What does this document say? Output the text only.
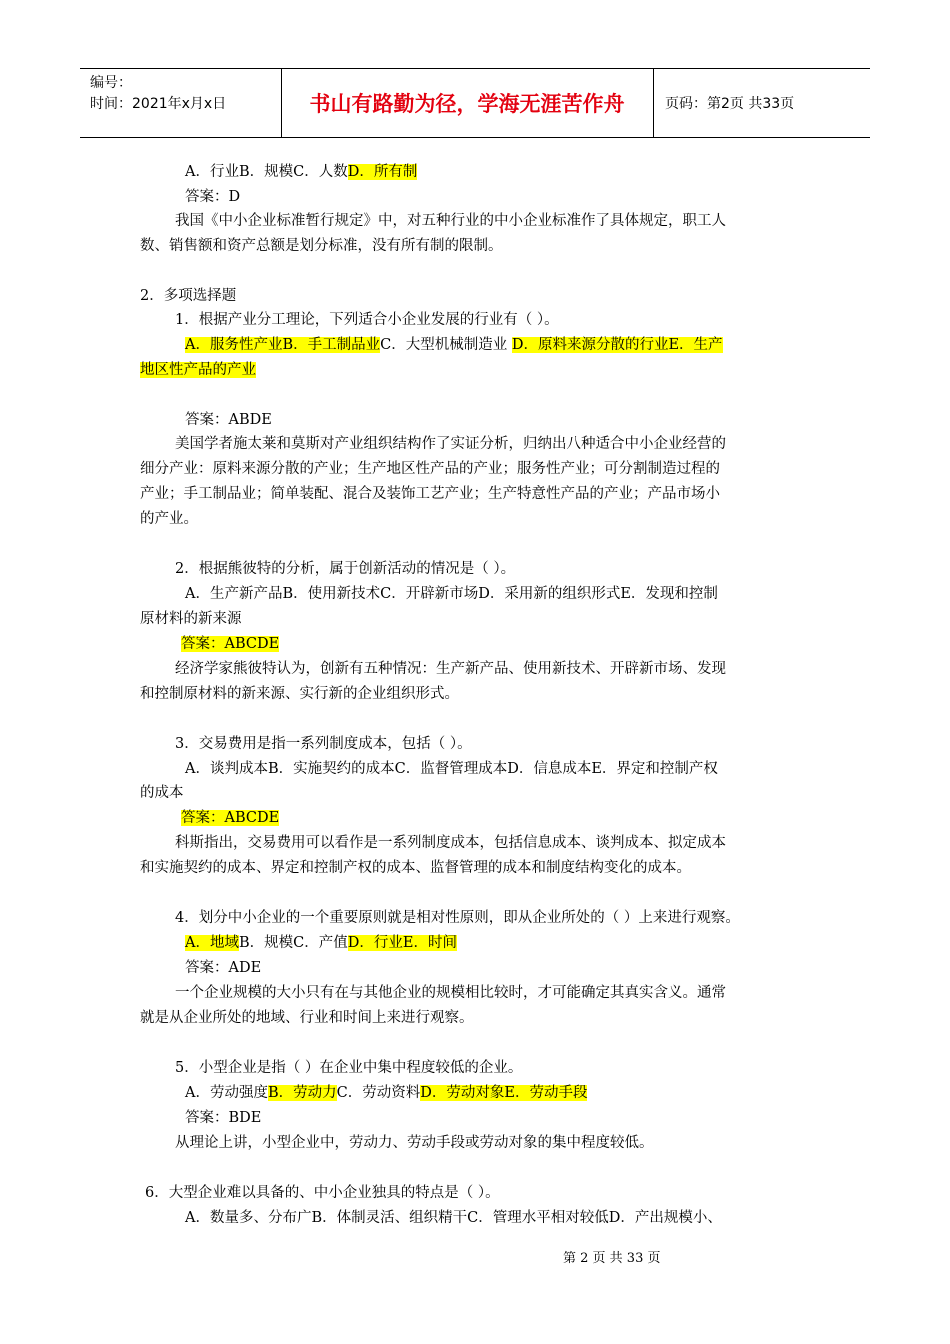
编号：
时间：2021年x月x日	书山有路勤为径，学海无涯苦作舟	页码：第2页 共33页
A．行业B．规模C．人数D．所有制
答案：D
我国《中小企业标准暂行规定》中，对五种行业的中小企业标准作了具体规定，职工人
数、销售额和资产总额是划分标准，没有所有制的限制。
2．多项选择题
1．根据产业分工理论，下列适合小企业发展的行业有（ ）。
A．服务性产业B．手工制品业C．大型机械制造业 D．原料来源分散的行业E．生产
地区性产品的产业
答案：ABDE
美国学者施太莱和莫斯对产业组织结构作了实证分析，归纳出八种适合中小企业经营的
细分产业：原料来源分散的产业；生产地区性产品的产业；服务性产业；可分割制造过程的
产业；手工制品业；简单装配、混合及装饰工艺产业；生产特意性产品的产业；产品市场小
的产业。
2．根据熊彼特的分析，属于创新活动的情况是（ ）。
A．生产新产品B．使用新技术C．开辟新市场D．采用新的组织形式E．发现和控制
原材料的新来源
答案：ABCDE
经济学家熊彼特认为，创新有五种情况：生产新产品、使用新技术、开辟新市场、发现
和控制原材料的新来源、实行新的企业组织形式。
3．交易费用是指一系列制度成本，包括（ ）。
A．谈判成本B．实施契约的成本C．监督管理成本D．信息成本E．界定和控制产权
的成本
答案：ABCDE
科斯指出，交易费用可以看作是一系列制度成本，包括信息成本、谈判成本、拟定成本
和实施契约的成本、界定和控制产权的成本、监督管理的成本和制度结构变化的成本。
4．划分中小企业的一个重要原则就是相对性原则，即从企业所处的（ ）上来进行观察。
A．地域B．规模C．产值D．行业E．时间
答案：ADE
一个企业规模的大小只有在与其他企业的规模相比较时，才可能确定其真实含义。通常
就是从企业所处的地域、行业和时间上来进行观察。
5．小型企业是指（ ）在企业中集中程度较低的企业。
A．劳动强度B．劳动力C．劳动资料D．劳动对象E．劳动手段
答案：BDE
从理论上讲，小型企业中，劳动力、劳动手段或劳动对象的集中程度较低。
6．大型企业难以具备的、中小企业独具的特点是（ ）。
A．数量多、分布广B．体制灵活、组织精干C．管理水平相对较低D．产出规模小、
第 2 页 共 33 页
